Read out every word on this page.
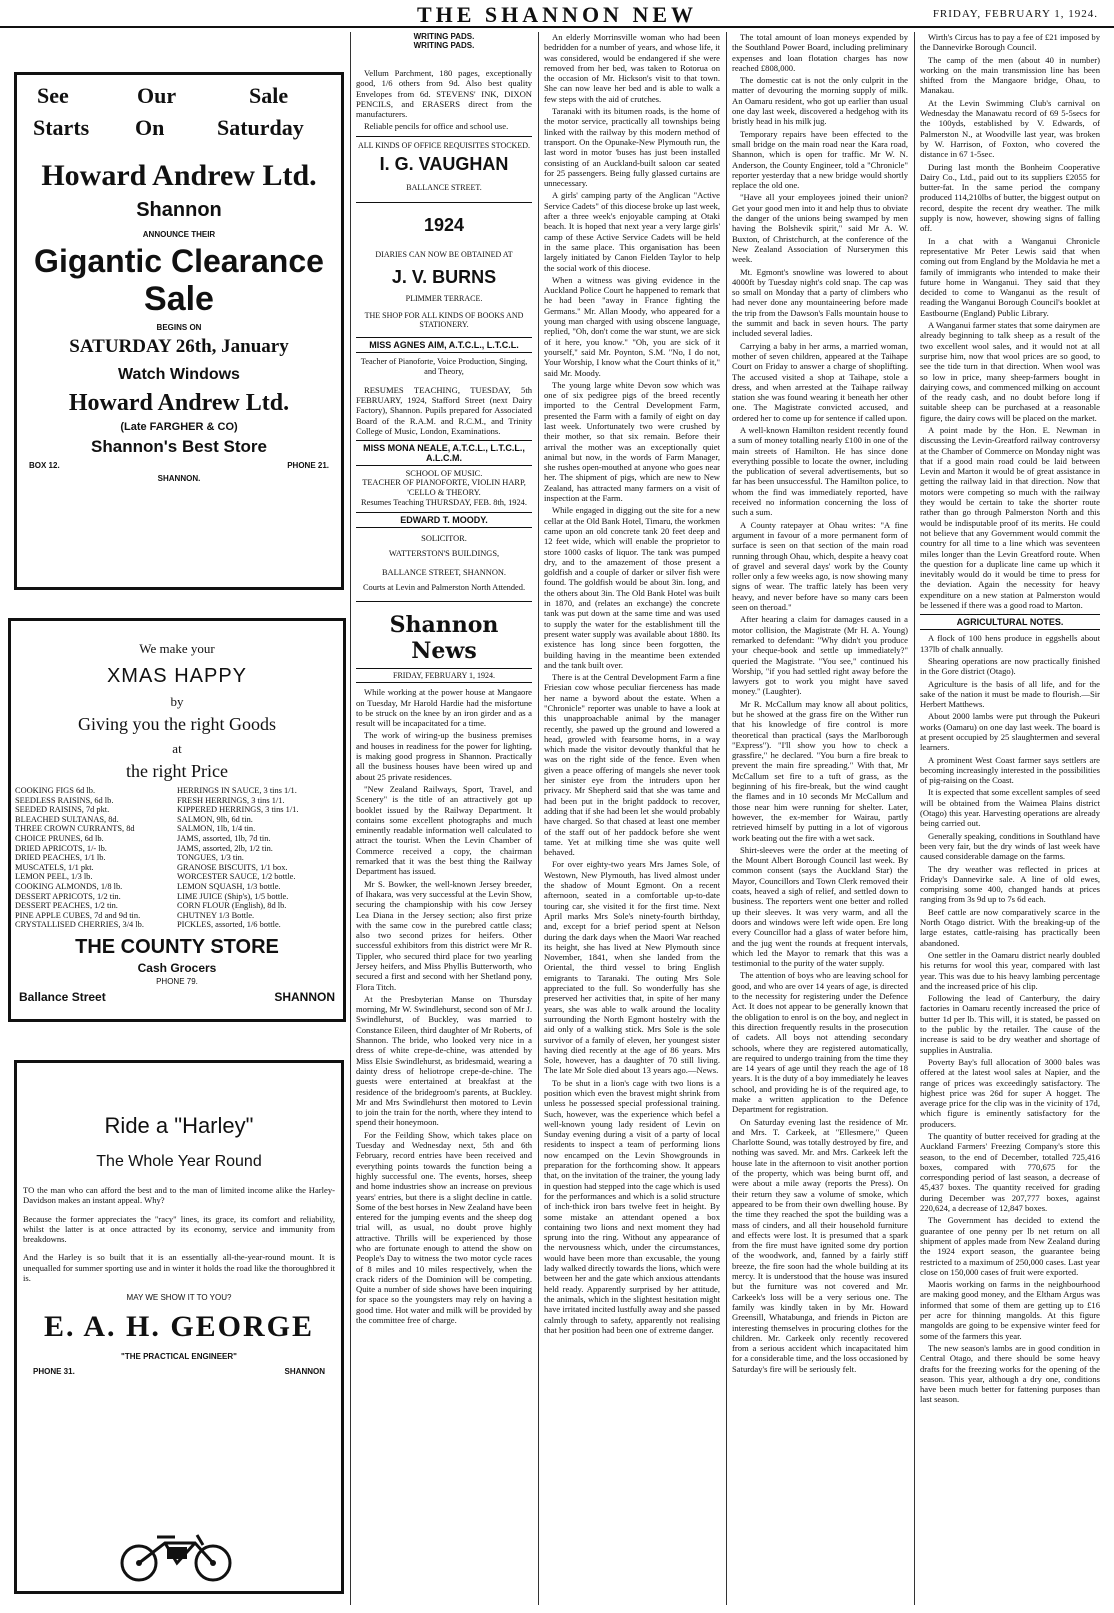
THE SHANNON NEW	FRIDAY, FEBRUARY 1, 1924.
See
Starts
Our
On
Sale
Saturday
Howard Andrew Ltd.
Shannon
ANNOUNCE THEIR
Gigantic Clearance
Sale
BEGINS ON
SATURDAY 26th, January
Watch Windows
Howard Andrew Ltd.
(Late FARGHER & CO)
Shannon's Best Store
BOX 12.	PHONE 21.
SHANNON.
We make your
XMAS HAPPY
by
Giving you the right Goods
at
the right Price
COOKING FIGS 6d lb.
SEEDLESS RAISINS, 6d lb.
SEEDED RAISINS, 7d pkt.
BLEACHED SULTANAS, 8d.
THREE CROWN CURRANTS, 8d
CHOICE PRUNES, 6d lb.
DRIED APRICOTS, 1/- lb.
DRIED PEACHES, 1/1 lb.
MUSCATELS, 1/1 pkt.
LEMON PEEL, 1/3 lb.
COOKING ALMONDS, 1/8 lb.
DESSERT APRICOTS, 1/2 tin.
DESSERT PEACHES, 1/2 tin.
PINE APPLE CUBES, 7d and 9d tin.
CRYSTALLISED CHERRIES, 3/4 lb.
HERRINGS IN SAUCE, 3 tins 1/1.
FRESH HERRINGS, 3 tins 1/1.
KIPPERED HERRINGS, 3 tins 1/1.
SALMON, 9lb, 6d tin.
SALMON, 1lb, 1/4 tin.
JAMS, assorted, 1lb, 7d tin.
JAMS, assorted, 2lb, 1/2 tin.
TONGUES, 1/3 tin.
GRANOSE BISCUITS, 1/1 box.
WORCESTER SAUCE, 1/2 bottle.
LEMON SQUASH, 1/3 bottle.
LIME JUICE (Ship's), 1/5 bottle.
CORN FLOUR (English), 8d lb.
CHUTNEY 1/3 Bottle.
PICKLES, assorted, 1/6 bottle.
THE COUNTY STORE
Cash Grocers
PHONE 79.
Ballance Street	SHANNON
Ride a "Harley"
The Whole Year Round

TO the man who can afford the best and to the man of limited income alike the Harley-Davidson makes an instant appeal. Why?

Because the former appreciates the "racy" lines, its grace, its comfort and reliability, whilst the latter is at once attracted by its economy, service and immunity from breakdowns.

And the Harley is so built that it is an essentially all-the-year-round mount. It is unequalled for summer sporting use and in winter it holds the road like the thoroughbred it is.

MAY WE SHOW IT TO YOU?
E. A. H. GEORGE
"THE PRACTICAL ENGINEER"
PHONE 31.	SHANNON
WRITING PADS. WRITING PADS.

Vellum Parchment, 180 pages, exceptionally good, 1/6 others from 9d. Also best quality Envelopes from 6d. STEVENS' INK, DIXON PENCILS, and ERASERS direct from the manufacturers.

Reliable pencils for office and school use.

ALL KINDS OF OFFICE REQUISITES STOCKED.
I. G. VAUGHAN
BALLANCE STREET.
1924
DIARIES CAN NOW BE OBTAINED AT
J. V. BURNS
PLIMMER TERRACE.
THE SHOP FOR ALL KINDS OF BOOKS AND STATIONERY.
MISS AGNES AIM, A.T.C.L., L.T.C.L.
Teacher of Pianoforte, Voice Production, Singing, and Theory,

RESUMES TEACHING, TUESDAY, 5th FEBRUARY, 1924, Stafford Street (next Dairy Factory), Shannon. Pupils prepared for Associated Board of the R.A.M. and R.C.M., and Trinity College of Music, London, Examinations.

MISS MONA NEALE, A.T.C.L., L.T.C.L., A.L.C.M.
SCHOOL OF MUSIC.
TEACHER OF PIANOFORTE, VIOLIN HARP, 'CELLO & THEORY.
Resumes Teaching THURSDAY, FEB. 8th, 1924.
EDWARD T. MOODY.
SOLICITOR.
WATTERSTON'S BUILDINGS,
BALLANCE STREET, SHANNON.
Courts at Levin and Palmerston North Attended.
Shannon News
FRIDAY, FEBRUARY 1, 1924.

While working at the power house at Mangaore on Tuesday, Mr Harold Hardie had the misfortune to be struck on the knee by an iron girder and as a result will be incapacitated for a time.

The work of wiring-up the business premises and houses in readiness for the power for lighting, is making good progress in Shannon. Practically all the business houses have been wired up and about 25 private residences.

"New Zealand Railways, Sport, Travel, and Scenery" is the title of an attractively got up booklet issued by the Railway Department. It contains some excellent photographs and much eminently readable information well calculated to attract the tourist. When the Levin Chamber of Commerce received a copy, the chairman remarked that it was the best thing the Railway Department has issued.

Mr S. Bowker, the well-known Jersey breeder, of Ihakara, was very successful at the Levin Show, securing the championship with his cow Jersey Lea Diana in the Jersey section; also first prize with the same cow in the purebred cattle class; also two second prizes for heifers. Other successful exhibitors from this district were Mr R. Tippler, who secured third place for two yearling Jersey heifers, and Miss Phyllis Butterworth, who secured a first and second with her Shetland pony, Flora Titch.

At the Presbyterian Manse on Thursday morning, Mr W. Swindlehurst, second son of Mr J. Swindlehurst, of Buckley, was married to Constance Eileen, third daughter of Mr Roberts, of Shannon. The bride, who looked very nice in a dress of white crepe-de-chine, was attended by Miss Elsie Swindlehurst, as bridesmaid, wearing a dainty dress of heliotrope crepe-de-chine. The guests were entertained at breakfast at the residence of the bridegroom's parents, at Buckley. Mr and Mrs Swindlehurst then motored to Levin to join the train for the north, where they intend to spend their honeymoon.

For the Feilding Show, which takes place on Tuesday and Wednesday next, 5th and 6th February, record entries have been received and everything points towards the function being a highly successful one. The events, horses, sheep and home industries show an increase on previous years' entries, but there is a slight decline in cattle. Some of the best horses in New Zealand have been entered for the jumping events and the sheep dog trial will, as usual, no doubt prove highly attractive. Thrills will be experienced by those who are fortunate enough to attend the show on People's Day to witness the two motor cycle races of 8 miles and 10 miles respectively, when the crack riders of the Dominion will be competing. Quite a number of side shows have been inquiring for space so the youngsters may rely on having a good time. Hot water and milk will be provided by the committee free of charge.

An elderly Morrinsville woman who had been bedridden for a number of years, and whose life, it was considered, would be endangered if she were removed from her bed, was taken to Rotorua on the occasion of Mr. Hickson's visit to that town. She can now leave her bed and is able to walk a few steps with the aid of crutches.

Taranaki with its bitumen roads, is the home of the motor service, practically all townships being linked with the railway by this modern method of transport. On the Opunake-New Plymouth run, the last word in motor 'buses has just been installed consisting of an Auckland-built saloon car seated for 25 passengers. Being fully glassed curtains are unnecessary.

A girls' camping party of the Anglican "Active Service Cadets" of this diocese broke up last week, after a three week's enjoyable camping at Otaki beach. It is hoped that next year a very large girls' camp of these Active Service Cadets will be held in the same place. This organisation has been largely initiated by Canon Fielden Taylor to help the social work of this diocese.

When a witness was giving evidence in the Auckland Police Court he happened to remark that he had been "away in France fighting the Germans." Mr. Allan Moody, who appeared for a young man charged with using obscene language, replied, "Oh, don't come the war stunt, we are sick of it here, you know." "Oh, you are sick of it yourself," said Mr. Poynton, S.M. "No, I do not, Your Worship, I know what the Court thinks of it," said Mr. Moody.

The young large white Devon sow which was one of six pedigree pigs of the breed recently imported to the Central Development Farm, presented the Farm with a family of eight on day last week. Unfortunately two were crushed by their mother, so that six remain. Before their arrival the mother was an exceptionally quiet animal but now, in the words of Farm Manager, she rushes open-mouthed at anyone who goes near her. The shipment of pigs, which are new to New Zealand, has attracted many farmers on a visit of inspection at the Farm.

While engaged in digging out the site for a new cellar at the Old Bank Hotel, Timaru, the workmen came upon an old concrete tank 20 feet deep and 12 feet wide, which will enable the proprietor to store 1000 casks of liquor. The tank was pumped dry, and to the amazement of those present a goldfish and a couple of darker or silver fish were found. The goldfish would be about 3in. long, and the others about 3in. The Old Bank Hotel was built in 1870, and (relates an exchange) the concrete tank was put down at the same time and was used to supply the water for the establishment till the present water supply was available about 1880. Its existence has long since been forgotten, the building having in the meantime been extended and the tank built over.

There is at the Central Development Farm a fine Friesian cow whose peculiar fierceness has made her name a byword about the estate. When a "Chronicle" reporter was unable to have a look at this unapproachable animal by the manager recently, she pawed up the ground and lowered a head, growled with fearsome horns, in a way which made the visitor devoutly thankful that he was on the right side of the fence. Even when given a peace offering of mangels she never took her sinister eye from the intruders upon her privacy. Mr Shepherd said that she was tame and had been put in the bright paddock to recover, adding that if she had been let she would probably have charged. So that chased at least one member of the staff out of her paddock before she went tame. Yet at milking time she was quite well behaved.

For over eighty-two years Mrs James Sole, of Westown, New Plymouth, has lived almost under the shadow of Mount Egmont. On a recent afternoon, seated in a comfortable up-to-date touring car, she visited it for the first time. Next April marks Mrs Sole's ninety-fourth birthday, and, except for a brief period spent at Nelson during the dark days when the Maori War reached its height, she has lived at New Plymouth since November, 1841, when she landed from the Oriental, the third vessel to bring English emigrants to Taranaki. The outing Mrs Sole appreciated to the full. So wonderfully has she preserved her activities that, in spite of her many years, she was able to walk around the locality surrounding the North Egmont hostelry with the aid only of a walking stick. Mrs Sole is the sole survivor of a family of eleven, her youngest sister having died recently at the age of 86 years. Mrs Sole, however, has a daughter of 70 still living. The late Mr Sole died about 13 years ago.—News.

To be shut in a lion's cage with two lions is a position which even the bravest might shrink from unless he possessed special professional training. Such, however, was the experience which befel a well-known young lady resident of Levin on Sunday evening during a visit of a party of local residents to inspect a team of performing lions now encamped on the Levin Showgrounds in preparation for the forthcoming show. It appears that, on the invitation of the trainer, the young lady in question had stepped into the cage which is used for the performances and which is a solid structure of inch-thick iron bars twelve feet in height. By some mistake an attendant opened a box containing two lions and next moment they had sprung into the ring. Without any appearance of the nervousness which, under the circumstances, would have been more than excusable, the young lady walked directly towards the lions, which were between her and the gate which anxious attendants held ready. Apparently surprised by her attitude, the animals, which in the slightest hesitation might have irritated incited lustfully away and she passed calmly through to safety, apparently not realising that her position had been one of extreme danger.

The total amount of loan moneys expended by the Southland Power Board, including preliminary expenses and loan flotation charges has now reached £808,000.

The domestic cat is not the only culprit in the matter of devouring the morning supply of milk. An Oamaru resident, who got up earlier than usual one day last week, discovered a hedgehog with its bristly head in his milk jug.

Temporary repairs have been effected to the small bridge on the main road near the Kara road, Shannon, which is open for traffic. Mr W. N. Anderson, the County Engineer, told a "Chronicle" reporter yesterday that a new bridge would shortly replace the old one.

"Have all your employees joined their union? Get your good men into it and help thus to obviate the danger of the unions being swamped by men having the Bolshevik spirit," said Mr A. W. Buxton, of Christchurch, at the conference of the New Zealand Association of Nurserymen this week.

Mt. Egmont's snowline was lowered to about 4000ft by Tuesday night's cold snap. The cap was so small on Monday that a party of climbers who had never done any mountaineering before made the trip from the Dawson's Falls mountain house to the summit and back in seven hours. The party included several ladies.

Carrying a baby in her arms, a married woman, mother of seven children, appeared at the Taihape Court on Friday to answer a charge of shoplifting. The accused visited a shop at Taihape, stole a dress, and when arrested at the Taihape railway station she was found wearing it beneath her other one. The Magistrate convicted accused, and ordered her to come up for sentence if called upon.

A well-known Hamilton resident recently found a sum of money totalling nearly £100 in one of the main streets of Hamilton. He has since done everything possible to locate the owner, including the publication of several advertisements, but so far has been unsuccessful. The Hamilton police, to whom the find was immediately reported, have received no information concerning the loss of such a sum.

A County ratepayer at Ohau writes: "A fine argument in favour of a more permanent form of surface is seen on that section of the main road running through Ohau, which, despite a heavy coat of gravel and several days' work by the County roller only a few weeks ago, is now showing many signs of wear. The traffic lately has been very heavy, and never before have so many cars been seen on theroad."

After hearing a claim for damages caused in a motor collision, the Magistrate (Mr H. A. Young) remarked to defendant: "Why didn't you produce your cheque-book and settle up immediately?" queried the Magistrate. "You see," continued his Worship, "if you had settled right away before the lawyers got to work you might have saved money." (Laughter).

Mr R. McCallum may know all about politics, but he showed at the grass fire on the Wither run that his knowledge of fire control is more theoretical than practical (says the Marlborough "Express"). "I'll show you how to check a grassfire," he declared. "You burn a fire break to prevent the main fire spreading." With that, Mr McCallum set fire to a tuft of grass, as the beginning of his fire-break, but the wind caught the flames and in 10 seconds Mr McCallum and those near him were running for shelter. Later, however, the ex-member for Wairau, partly retrieved himself by putting in a lot of vigorous work beating out the fire with a wet sack.

Shirt-sleeves were the order at the meeting of the Mount Albert Borough Council last week. By common consent (says the Auckland Star) the Mayor, Councillors and Town Clerk removed their coats, heaved a sigh of relief, and settled down to business. The reporters went one better and rolled up their sleeves. It was very warm, and all the doors and windows were left wide open. Ere long every Councillor had a glass of water before him, and the jug went the rounds at frequent intervals, which led the Mayor to remark that this was a testimonial to the purity of the water supply.

The attention of boys who are leaving school for good, and who are over 14 years of age, is directed to the necessity for registering under the Defence Act. It does not appear to be generally known that the obligation to enrol is on the boy, and neglect in this direction frequently results in the prosecution of cadets. All boys not attending secondary schools, where they are registered automatically, are required to undergo training from the time they are 14 years of age until they reach the age of 18 years. It is the duty of a boy immediately he leaves school, and providing he is of the required age, to make a written application to the Defence Department for registration.

On Saturday evening last the residence of Mr. and Mrs. T. Carkeek, at "Ellesmere," Queen Charlotte Sound, was totally destroyed by fire, and nothing was saved. Mr. and Mrs. Carkeek left the house late in the afternoon to visit another portion of the property, which was being burnt off, and were about a mile away (reports the Press). On their return they saw a volume of smoke, which appeared to be from their own dwelling house. By the time they reached the spot the building was a mass of cinders, and all their household furniture and effects were lost. It is presumed that a spark from the fire must have ignited some dry portion of the woodwork, and, fanned by a fairly stiff breeze, the fire soon had the whole building at its mercy. It is understood that the house was insured but the furniture was not covered and Mr. Carkeek's loss will be a very serious one. The family was kindly taken in by Mr. Howard Greensill, Whatabunga, and friends in Picton are interesting themselves in procuring clothes for the children. Mr. Carkeek only recently recovered from a serious accident which incapacitated him for a considerable time, and the loss occasioned by Saturday's fire will be seriously felt.

Wirth's Circus has to pay a fee of £21 imposed by the Dannevirke Borough Council.

The camp of the men (about 40 in number) working on the main transmission line has been shifted from the Mangaore bridge, Ohau, to Manakau.

At the Levin Swimming Club's carnival on Wednesday the Manawatu record of 69 5-5secs for the 100yds, established by V. Edwards, of Palmerston N., at Woodville last year, was broken by W. Harrison, of Foxton, who covered the distance in 67 1-5sec.

During last month the Bonheim Cooperative Dairy Co., Ltd., paid out to its suppliers £2055 for butter-fat. In the same period the company produced 114,210lbs of butter, the biggest output on record, despite the recent dry weather. The milk supply is now, however, showing signs of falling off.

In a chat with a Wanganui Chronicle representative Mr Peter Lewis said that when coming out from England by the Moldavia he met a family of immigrants who intended to make their future home in Wanganui. They said that they decided to come to Wanganui as the result of reading the Wanganui Borough Council's booklet at Eastbourne (England) Public Library.

A Wanganui farmer states that some dairymen are already beginning to talk sheep as a result of the two excellent wool sales, and it would not at all surprise him, now that wool prices are so good, to see the tide turn in that direction. When wool was so low in price, many sheep-farmers bought in dairying cows, and commenced milking on account of the ready cash, and no doubt before long if suitable sheep can be purchased at a reasonable figure, the dairy cows will be placed on the market.

A point made by the Hon. E. Newman in discussing the Levin-Greatford railway controversy at the Chamber of Commerce on Monday night was that if a good main road could be laid between Levin and Marton it would be of great assistance in getting the railway laid in that direction. Now that motors were competing so much with the railway they would be certain to take the shorter route rather than go through Palmerston North and this would be indisputable proof of its merits. He could not believe that any Government would commit the country for all time to a line which was seventeen miles longer than the Levin Greatford route. When the question for a duplicate line came up which it inevitably would do it would be time to press for the deviation. Again the necessity for heavy expenditure on a new station at Palmerston would be lessened if there was a good road to Marton.

AGRICULTURAL NOTES.

A flock of 100 hens produce in eggshells about 137lb of chalk annually.

Shearing operations are now practically finished in the Gore district (Otago).

Agriculture is the basis of all life, and for the sake of the nation it must be made to flourish.—Sir Herbert Matthews.

About 2000 lambs were put through the Pukeuri works (Oamaru) on one day last week. The board is at present occupied by 25 slaughtermen and several learners.

A prominent West Coast farmer says settlers are becoming increasingly interested in the possibilities of pig-raising on the Coast.

It is expected that some excellent samples of seed will be obtained from the Waimea Plains district (Otago) this year. Harvesting operations are already being carried out.

Generally speaking, conditions in Southland have been very fair, but the dry winds of last week have caused considerable damage on the farms.

The dry weather was reflected in prices at Friday's Dannevirke sale. A line of old ewes, comprising some 400, changed hands at prices ranging from 3s 9d up to 7s 6d each.

Beef cattle are now comparatively scarce in the North Otago district. With the breaking-up of the large estates, cattle-raising has practically been abandoned.

One settler in the Oamaru district nearly doubled his returns for wool this year, compared with last year. This was due to his heavy lambing percentage and the increased price of his clip.

Following the lead of Canterbury, the dairy factories in Oamaru recently increased the price of butter 1d per lb. This will, it is stated, be passed on to the public by the retailer. The cause of the increase is said to be dry weather and shortage of supplies in Australia.

Poverty Bay's full allocation of 3000 bales was offered at the latest wool sales at Napier, and the range of prices was exceedingly satisfactory. The highest price was 26d for super A hogget. The average price for the clip was in the vicinity of 17d, which figure is eminently satisfactory for the producers.

The quantity of butter received for grading at the Auckland Farmers' Freezing Company's store this season, to the end of December, totalled 725,416 boxes, compared with 770,675 for the corresponding period of last season, a decrease of 45,437 boxes. The quantity received for grading during December was 207,777 boxes, against 220,624, a decrease of 12,847 boxes.

The Government has decided to extend the guarantee of one penny per lb net return on all shipment of apples made from New Zealand during the 1924 export season, the guarantee being restricted to a maximum of 250,000 cases. Last year close on 150,000 cases of fruit were exported.

Maoris working on farms in the neighbourhood are making good money, and the Eltham Argus was informed that some of them are getting up to £16 per acre for thinning mangolds. At this figure mangolds are going to be expensive winter feed for some of the farmers this year.

The new season's lambs are in good condition in Central Otago, and there should be some heavy drafts for the freezing works for the opening of the season. This year, although a dry one, conditions have been much better for fattening purposes than last season.
